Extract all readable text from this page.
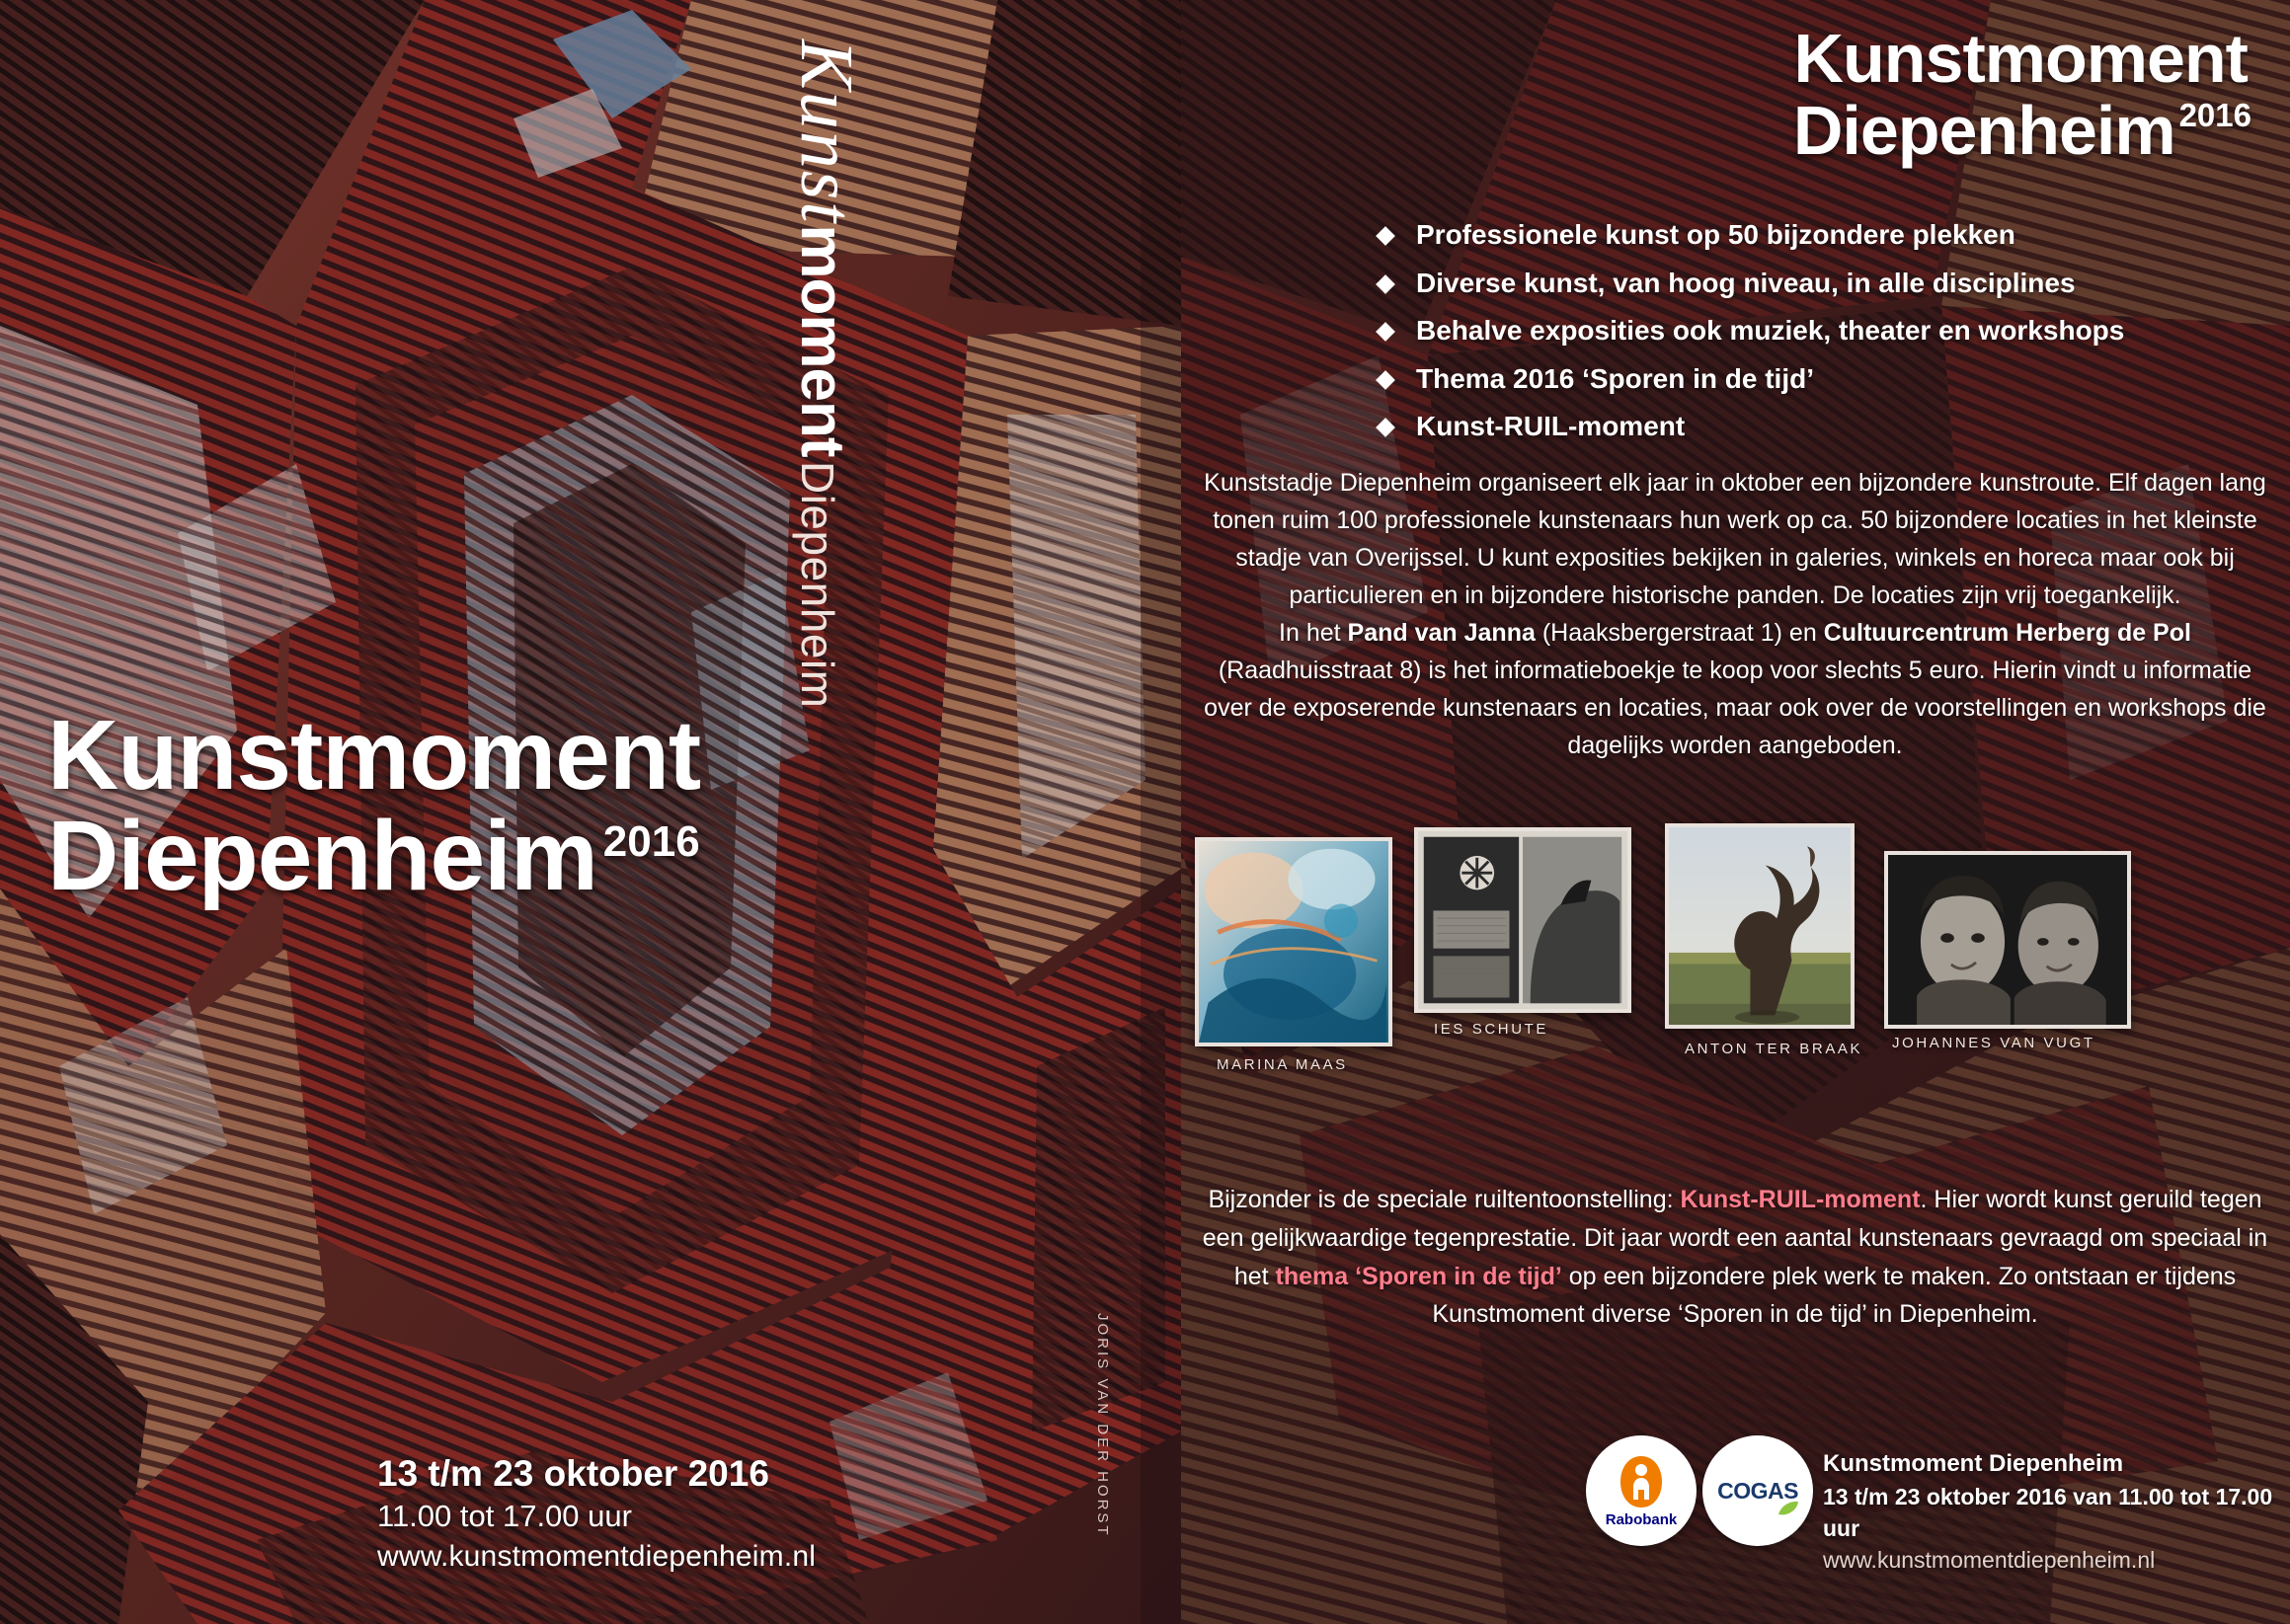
Kunstmoment
Diepenheim 2016
13 t/m 23 oktober 2016
11.00 tot 17.00 uur
www.kunstmomentdiepenheim.nl
Kunstmoment Diepenheim
JORIS VAN DER HORST
Kunstmoment
Diepenheim 2016
Professionele kunst op 50 bijzondere plekken
Diverse kunst, van hoog niveau, in alle disciplines
Behalve exposities ook muziek, theater en workshops
Thema 2016 ‘Sporen in de tijd’
Kunst-RUIL-moment

Kunststadje Diepenheim organiseert elk jaar in oktober een bijzondere kunstroute. Elf dagen lang tonen ruim 100 professionele kunstenaars hun werk op ca. 50 bijzondere locaties in het kleinste stadje van Overijssel. U kunt exposities bekijken in galeries, winkels en horeca maar ook bij particulieren en in bijzondere historische panden. De locaties zijn vrij toegankelijk.

In het Pand van Janna (Haaksbergerstraat 1) en Cultuurcentrum Herberg de Pol (Raadhuisstraat 8) is het informatieboekje te koop voor slechts 5 euro. Hierin vindt u informatie over de exposerende kunstenaars en locaties, maar ook over de voorstellingen en workshops die dagelijks worden aangeboden.

MARINA MAAS
IES SCHUTE
ANTON TER BRAAK JOHANNES VAN VUGT
Bijzonder is de speciale ruiltentoonstelling: Kunst-RUIL-moment. Hier wordt kunst geruild tegen een gelijkwaardige tegenprestatie. Dit jaar wordt een aantal kunstenaars gevraagd om speciaal in het thema ‘Sporen in de tijd’ op een bijzondere plek werk te maken. Zo ontstaan er tijdens Kunstmoment diverse ‘Sporen in de tijd’ in Diepenheim.
Rabobank
COGAS
Kunstmoment Diepenheim
13 t/m 23 oktober 2016 van 11.00 tot 17.00 uur
www.kunstmomentdiepenheim.nl
